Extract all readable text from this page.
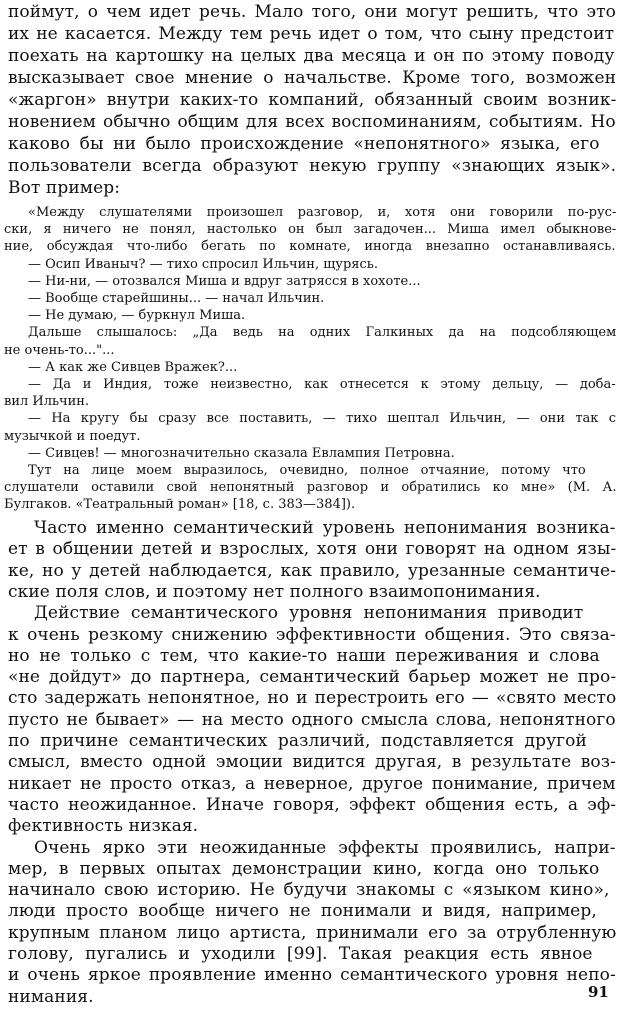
поймут, о чем идет речь. Мало того, они могут решить, что это

их не касается. Между тем речь идет о том, что сыну предстоит

поехать на картошку на целых два месяца и он по этому поводу

высказывает свое мнение о начальстве. Кроме того, возможен

«жаргон» внутри каких-то компаний, обязанный своим возник-

новением обычно общим для всех воспоминаниям, событиям. Но

каково бы ни было происхождение «непонятного» языка, его

пользователи всегда образуют некую группу «знающих язык».

Вот пример:

«Между слушателями произошел разговор, и, хотя они говорили по-рус-

ски, я ничего не понял, настолько он был загадочен... Миша имел обыкнове-

ние, обсуждая что-либо бегать по комнате, иногда внезапно останавливаясь.

— Осип Иваныч? — тихо спросил Ильчин, щурясь.

— Ни-ни, — отозвался Миша и вдруг затрясся в хохоте...

— Вообще старейшины... — начал Ильчин.

— Не думаю, — буркнул Миша.

Дальше слышалось: „Да ведь на одних Галкиных да на подсобляющем

не очень-то..."...

— А как же Сивцев Вражек?...

— Да и Индия, тоже неизвестно, как отнесется к этому дельцу, — доба-

вил Ильчин.

— На кругу бы сразу все поставить, — тихо шептал Ильчин, — они так с

музычкой и поедут.

— Сивцев! — многозначительно сказала Евлампия Петровна.

Тут на лице моем выразилось, очевидно, полное отчаяние, потому что

слушатели оставили свой непонятный разговор и обратились ко мне» (М. А.

Булгаков. «Театральный роман» [18, с. 383—384]).

Часто именно семантический уровень непонимания возника-

ет в общении детей и взрослых, хотя они говорят на одном язы-

ке, но у детей наблюдается, как правило, урезанные семантиче-

ские поля слов, и поэтому нет полного взаимопонимания.

Действие семантического уровня непонимания приводит

к очень резкому снижению эффективности общения. Это связа-

но не только с тем, что какие-то наши переживания и слова

«не дойдут» до партнера, семантический барьер может не про-

сто задержать непонятное, но и перестроить его — «свято место

пусто не бывает» — на место одного смысла слова, непонятного

по причине семантических различий, подставляется другой

смысл, вместо одной эмоции видится другая, в результате воз-

никает не просто отказ, а неверное, другое понимание, причем

часто неожиданное. Иначе говоря, эффект общения есть, а эф-

фективность низкая.

Очень ярко эти неожиданные эффекты проявились, напри-

мер, в первых опытах демонстрации кино, когда оно только

начинало свою историю. Не будучи знакомы с «языком кино»,

люди просто вообще ничего не понимали и видя, например,

крупным планом лицо артиста, принимали его за отрубленную

голову, пугались и уходили [99]. Такая реакция есть явное

и очень яркое проявление именно семантического уровня непо-

нимания.	91
